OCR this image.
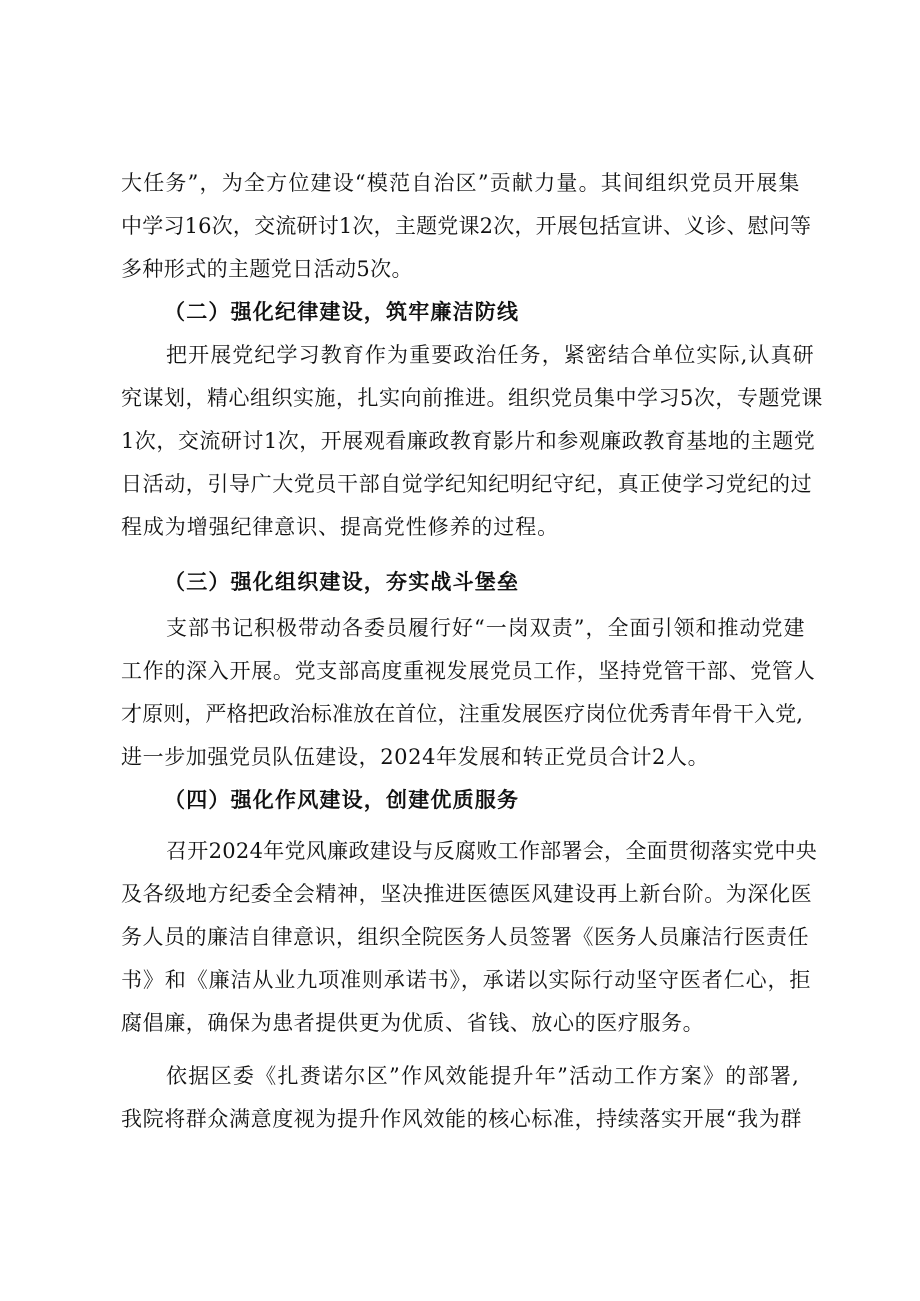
大任务”，为全方位建设“模范自治区”贡献力量。其间组织党员开展集
中学习16次，交流研讨1次，主题党课2次，开展包括宣讲、义诊、慰问等
多种形式的主题党日活动5次。
（二）强化纪律建设，筑牢廉洁防线
把开展党纪学习教育作为重要政治任务，紧密结合单位实际,认真研
究谋划，精心组织实施，扎实向前推进。组织党员集中学习5次，专题党课
1次，交流研讨1次，开展观看廉政教育影片和参观廉政教育基地的主题党
日活动，引导广大党员干部自觉学纪知纪明纪守纪，真正使学习党纪的过
程成为增强纪律意识、提高党性修养的过程。
（三）强化组织建设，夯实战斗堡垒
支部书记积极带动各委员履行好“一岗双责”，全面引领和推动党建
工作的深入开展。党支部高度重视发展党员工作，坚持党管干部、党管人
才原则，严格把政治标准放在首位，注重发展医疗岗位优秀青年骨干入党,
进一步加强党员队伍建设，2024年发展和转正党员合计2人。
（四）强化作风建设，创建优质服务
召开2024年党风廉政建设与反腐败工作部署会，全面贯彻落实党中央
及各级地方纪委全会精神，坚决推进医德医风建设再上新台阶。为深化医
务人员的廉洁自律意识，组织全院医务人员签署《医务人员廉洁行医责任
书》和《廉洁从业九项准则承诺书》，承诺以实际行动坚守医者仁心，拒
腐倡廉，确保为患者提供更为优质、省钱、放心的医疗服务。
依据区委《扎赉诺尔区”作风效能提升年”活动工作方案》的部署,
我院将群众满意度视为提升作风效能的核心标准，持续落实开展“我为群
